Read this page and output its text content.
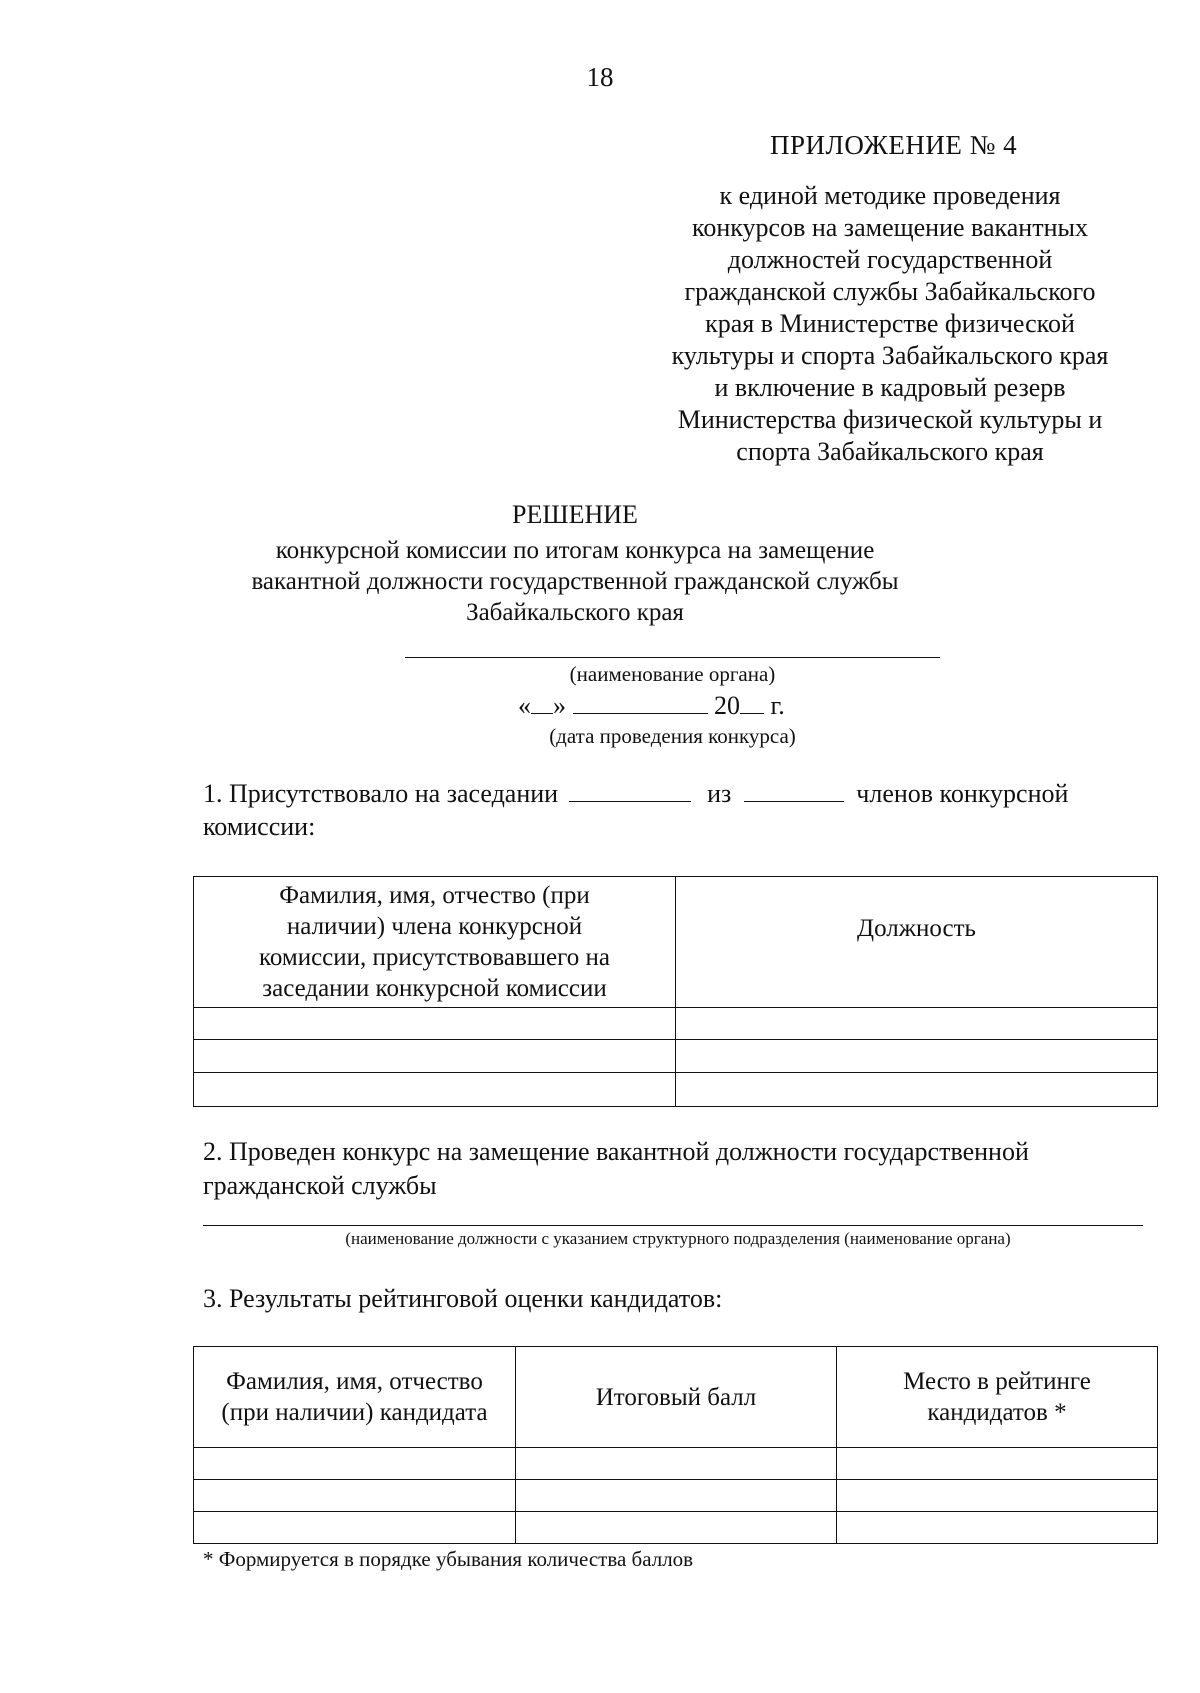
18
ПРИЛОЖЕНИЕ № 4
к единой методике проведения
конкурсов на замещение вакантных
должностей государственной
гражданской службы Забайкальского
края в Министерстве физической
культуры и спорта Забайкальского края
и включение в кадровый резерв
Министерства физической культуры и
спорта Забайкальского края
РЕШЕНИЕ
конкурсной комиссии по итогам конкурса на замещение
вакантной должности государственной гражданской службы
Забайкальского края
(наименование органа)
« »	20 г.
(дата проведения конкурса)
1. Присутствовало на заседании	из	членов конкурсной
комиссии:
Фамилия, имя, отчество (при наличии) члена конкурсной комиссии, присутствовавшего на заседании конкурсной комиссии	Должность

2. Проведен конкурс на замещение вакантной должности государственной
гражданской службы
(наименование должности с указанием структурного подразделения (наименование органа)
3. Результаты рейтинговой оценки кандидатов:
Фамилия, имя, отчество (при наличии) кандидата	Итоговый балл	Место в рейтинге кандидатов *

* Формируется в порядке убывания количества баллов
